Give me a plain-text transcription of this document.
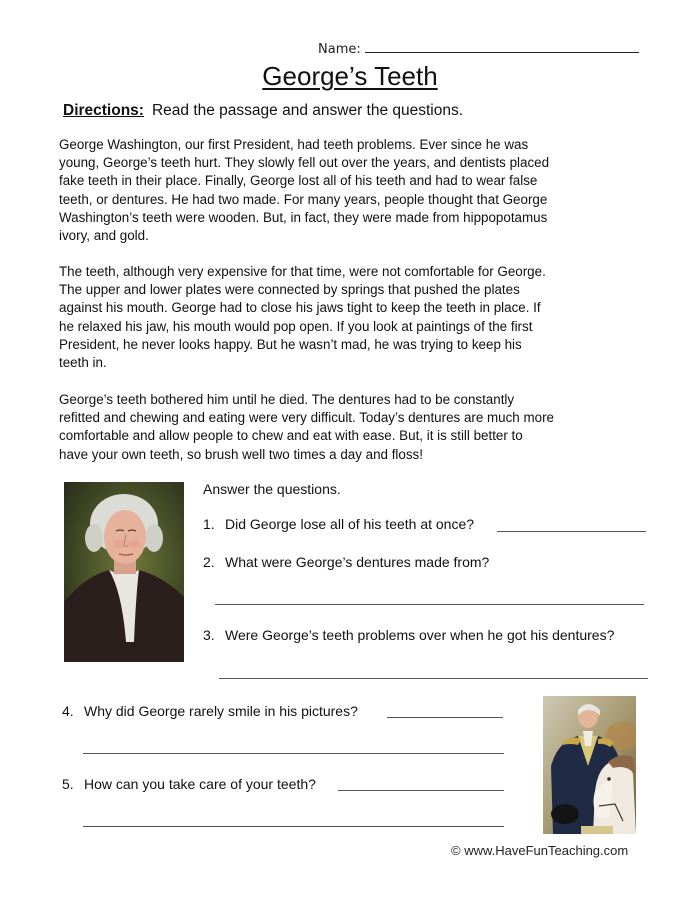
Name:
George’s Teeth
Directions: Read the passage and answer the questions.
George Washington, our first President, had teeth problems. Ever since he was
young, George’s teeth hurt. They slowly fell out over the years, and dentists placed
fake teeth in their place. Finally, George lost all of his teeth and had to wear false
teeth, or dentures. He had two made. For many years, people thought that George
Washington’s teeth were wooden. But, in fact, they were made from hippopotamus
ivory, and gold.
The teeth, although very expensive for that time, were not comfortable for George.
The upper and lower plates were connected by springs that pushed the plates
against his mouth. George had to close his jaws tight to keep the teeth in place. If
he relaxed his jaw, his mouth would pop open. If you look at paintings of the first
President, he never looks happy. But he wasn’t mad, he was trying to keep his
teeth in.
George’s teeth bothered him until he died. The dentures had to be constantly
refitted and chewing and eating were very difficult. Today’s dentures are much more
comfortable and allow people to chew and eat with ease. But, it is still better to
have your own teeth, so brush well two times a day and floss!
Answer the questions.
1. Did George lose all of his teeth at once?
2. What were George’s dentures made from?
3. Were George’s teeth problems over when he got his dentures?
4. Why did George rarely smile in his pictures?
5. How can you take care of your teeth?
© www.HaveFunTeaching.com
